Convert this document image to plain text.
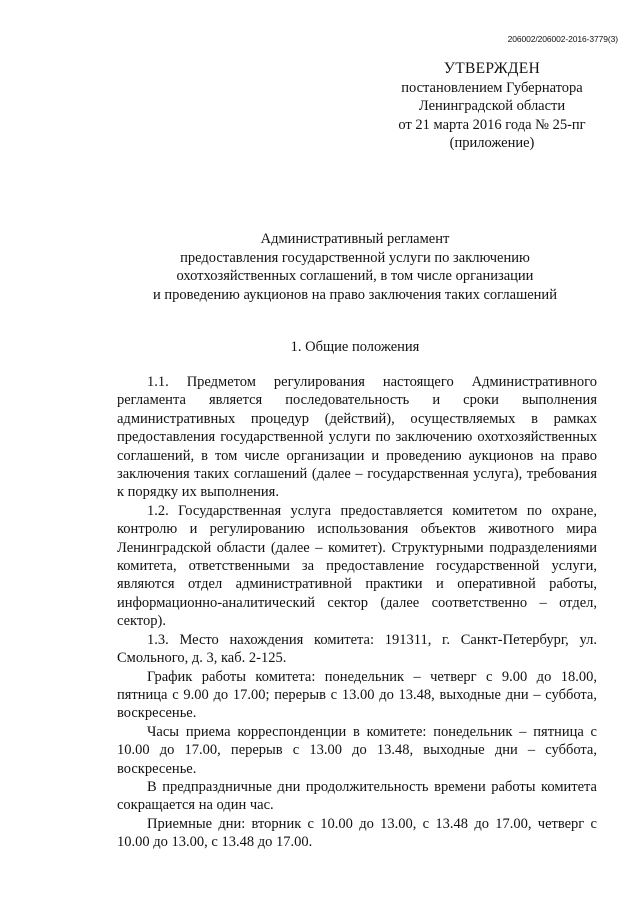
206002/206002-2016-3779(3)
УТВЕРЖДЕН
постановлением Губернатора
Ленинградской области
от 21 марта 2016 года № 25-пг
(приложение)
Административный регламент
предоставления государственной услуги по заключению
охотхозяйственных соглашений, в том числе организации
и проведению аукционов на право заключения таких соглашений
1. Общие положения

1.1. Предметом регулирования настоящего Административного регламента является последовательность и сроки выполнения административных процедур (действий), осуществляемых в рамках предоставления государственной услуги по заключению охотхозяйственных соглашений, в том числе организации и проведению аукционов на право заключения таких соглашений (далее – государственная услуга), требования к порядку их выполнения.

1.2. Государственная услуга предоставляется комитетом по охране, контролю и регулированию использования объектов животного мира Ленинградской области (далее – комитет). Структурными подразделениями комитета, ответственными за предоставление государственной услуги, являются отдел административной практики и оперативной работы, информационно-аналитический сектор (далее соответственно – отдел, сектор).

1.3. Место нахождения комитета: 191311, г. Санкт-Петербург, ул. Смольного, д. 3, каб. 2-125.

График работы комитета: понедельник – четверг с 9.00 до 18.00, пятница с 9.00 до 17.00; перерыв с 13.00 до 13.48, выходные дни – суббота, воскресенье.

Часы приема корреспонденции в комитете: понедельник – пятница с 10.00 до 17.00, перерыв с 13.00 до 13.48, выходные дни – суббота, воскресенье.

В предпраздничные дни продолжительность времени работы комитета сокращается на один час.

Приемные дни: вторник с 10.00 до 13.00, с 13.48 до 17.00, четверг с 10.00 до 13.00, с 13.48 до 17.00.
